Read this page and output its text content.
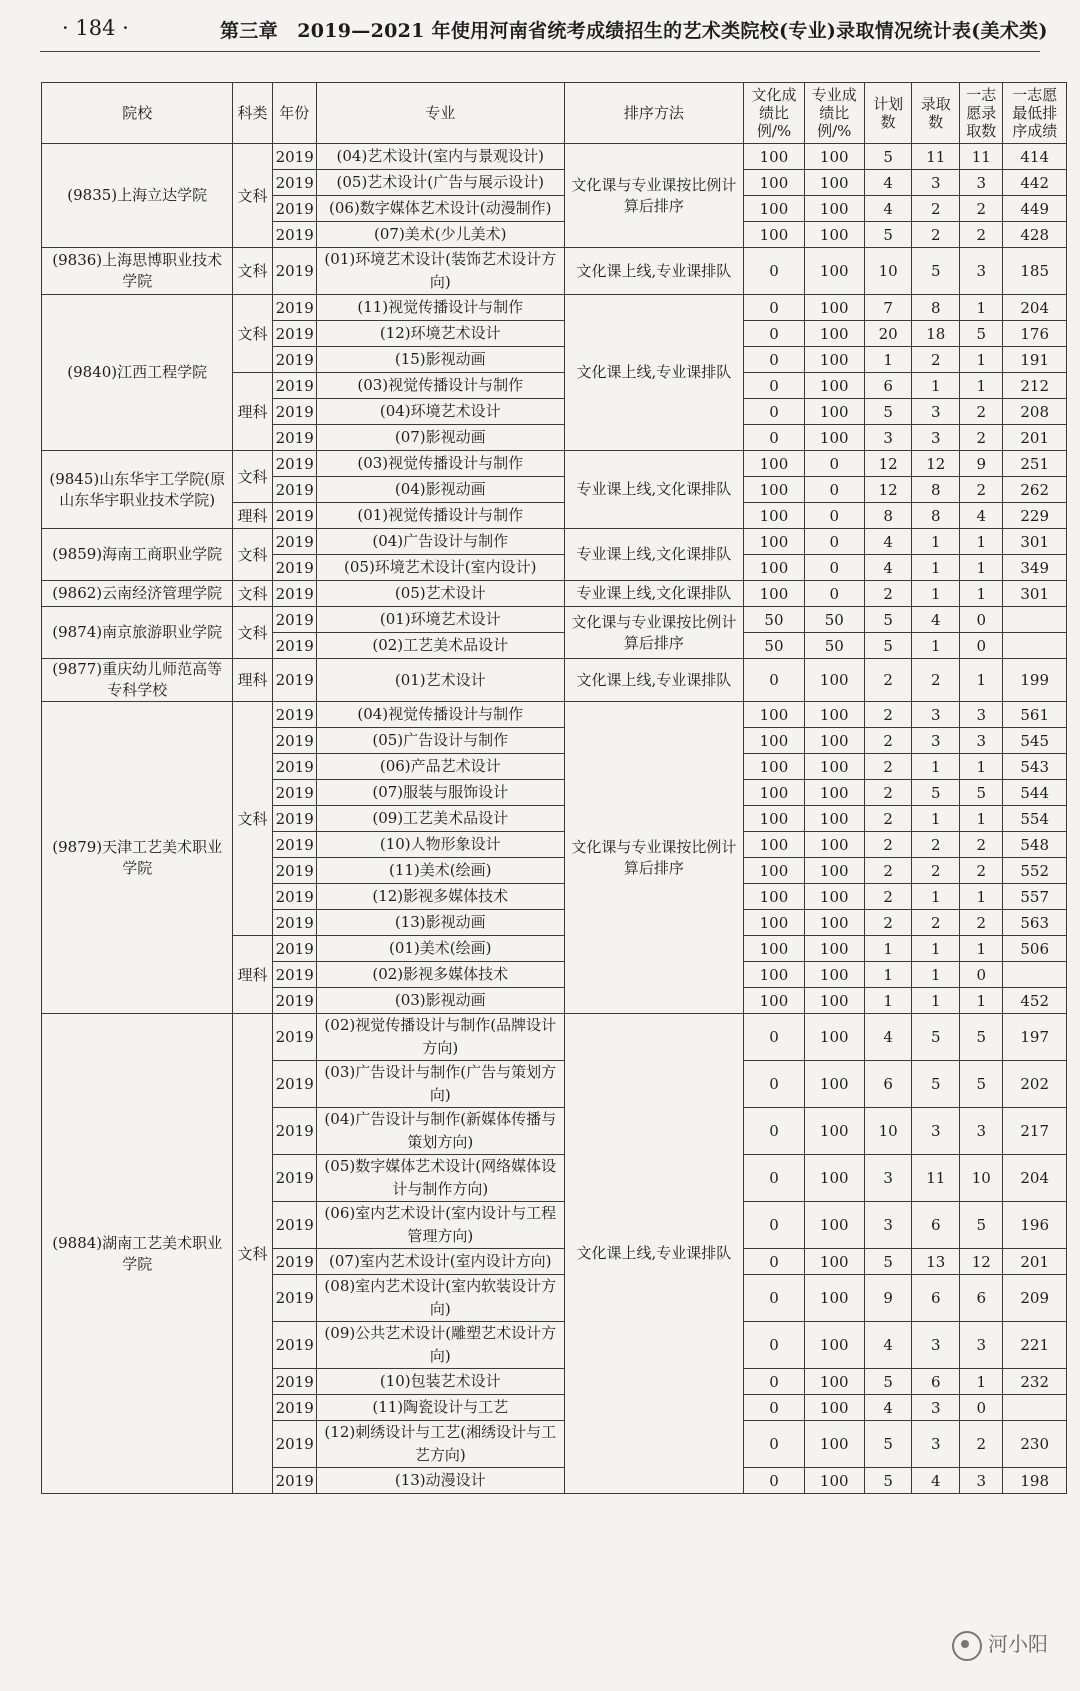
· 184 ·	第三章　2019—2021 年使用河南省统考成绩招生的艺术类院校(专业)录取情况统计表(美术类)
院校	科类	年份	专业	排序方法	文化成绩比例/%	专业成绩比例/%	计划数	录取数	一志愿录取数	一志愿最低排序成绩
(9835)上海立达学院	文科	2019	(04)艺术设计(室内与景观设计)	文化课与专业课按比例计算后排序	100	100	5	11	11	414
		2019	(05)艺术设计(广告与展示设计)		100	100	4	3	3	442
		2019	(06)数字媒体艺术设计(动漫制作)		100	100	4	2	2	449
		2019	(07)美术(少儿美术)		100	100	5	2	2	428
(9836)上海思博职业技术学院	文科	2019	(01)环境艺术设计(装饰艺术设计方向)	文化课上线,专业课排队	0	100	10	5	3	185
(9840)江西工程学院	文科	2019	(11)视觉传播设计与制作	文化课上线,专业课排队	0	100	7	8	1	204
		2019	(12)环境艺术设计		0	100	20	18	5	176
		2019	(15)影视动画		0	100	1	2	1	191
	理科	2019	(03)视觉传播设计与制作		0	100	6	1	1	212
		2019	(04)环境艺术设计		0	100	5	3	2	208
		2019	(07)影视动画		0	100	3	3	2	201
(9845)山东华宇工学院(原山东华宇职业技术学院)	文科	2019	(03)视觉传播设计与制作	专业课上线,文化课排队	100	0	12	12	9	251
		2019	(04)影视动画		100	0	12	8	2	262
	理科	2019	(01)视觉传播设计与制作		100	0	8	8	4	229
(9859)海南工商职业学院	文科	2019	(04)广告设计与制作	专业课上线,文化课排队	100	0	4	1	1	301
		2019	(05)环境艺术设计(室内设计)		100	0	4	1	1	349
(9862)云南经济管理学院	文科	2019	(05)艺术设计	专业课上线,文化课排队	100	0	2	1	1	301
(9874)南京旅游职业学院	文科	2019	(01)环境艺术设计	文化课与专业课按比例计算后排序	50	50	5	4	0	
		2019	(02)工艺美术品设计		50	50	5	1	0	
(9877)重庆幼儿师范高等专科学校	理科	2019	(01)艺术设计	文化课上线,专业课排队	0	100	2	2	1	199
(9879)天津工艺美术职业学院	文科	2019	(04)视觉传播设计与制作	文化课与专业课按比例计算后排序	100	100	2	3	3	561
		2019	(05)广告设计与制作		100	100	2	3	3	545
		2019	(06)产品艺术设计		100	100	2	1	1	543
		2019	(07)服装与服饰设计		100	100	2	5	5	544
		2019	(09)工艺美术品设计		100	100	2	1	1	554
		2019	(10)人物形象设计		100	100	2	2	2	548
		2019	(11)美术(绘画)		100	100	2	2	2	552
		2019	(12)影视多媒体技术		100	100	2	1	1	557
		2019	(13)影视动画		100	100	2	2	2	563
	理科	2019	(01)美术(绘画)		100	100	1	1	1	506
		2019	(02)影视多媒体技术		100	100	1	1	0	
		2019	(03)影视动画		100	100	1	1	1	452
(9884)湖南工艺美术职业学院	文科	2019	(02)视觉传播设计与制作(品牌设计方向)	文化课上线,专业课排队	0	100	4	5	5	197
		2019	(03)广告设计与制作(广告与策划方向)		0	100	6	5	5	202
		2019	(04)广告设计与制作(新媒体传播与策划方向)		0	100	10	3	3	217
		2019	(05)数字媒体艺术设计(网络媒体设计与制作方向)		0	100	3	11	10	204
		2019	(06)室内艺术设计(室内设计与工程管理方向)		0	100	3	6	5	196
		2019	(07)室内艺术设计(室内设计方向)		0	100	5	13	12	201
		2019	(08)室内艺术设计(室内软装设计方向)		0	100	9	6	6	209
		2019	(09)公共艺术设计(雕塑艺术设计方向)		0	100	4	3	3	221
		2019	(10)包装艺术设计		0	100	5	6	1	232
		2019	(11)陶瓷设计与工艺		0	100	4	3	0	
		2019	(12)刺绣设计与工艺(湘绣设计与工艺方向)		0	100	5	3	2	230
		2019	(13)动漫设计		0	100	5	4	3	198
河小阳
